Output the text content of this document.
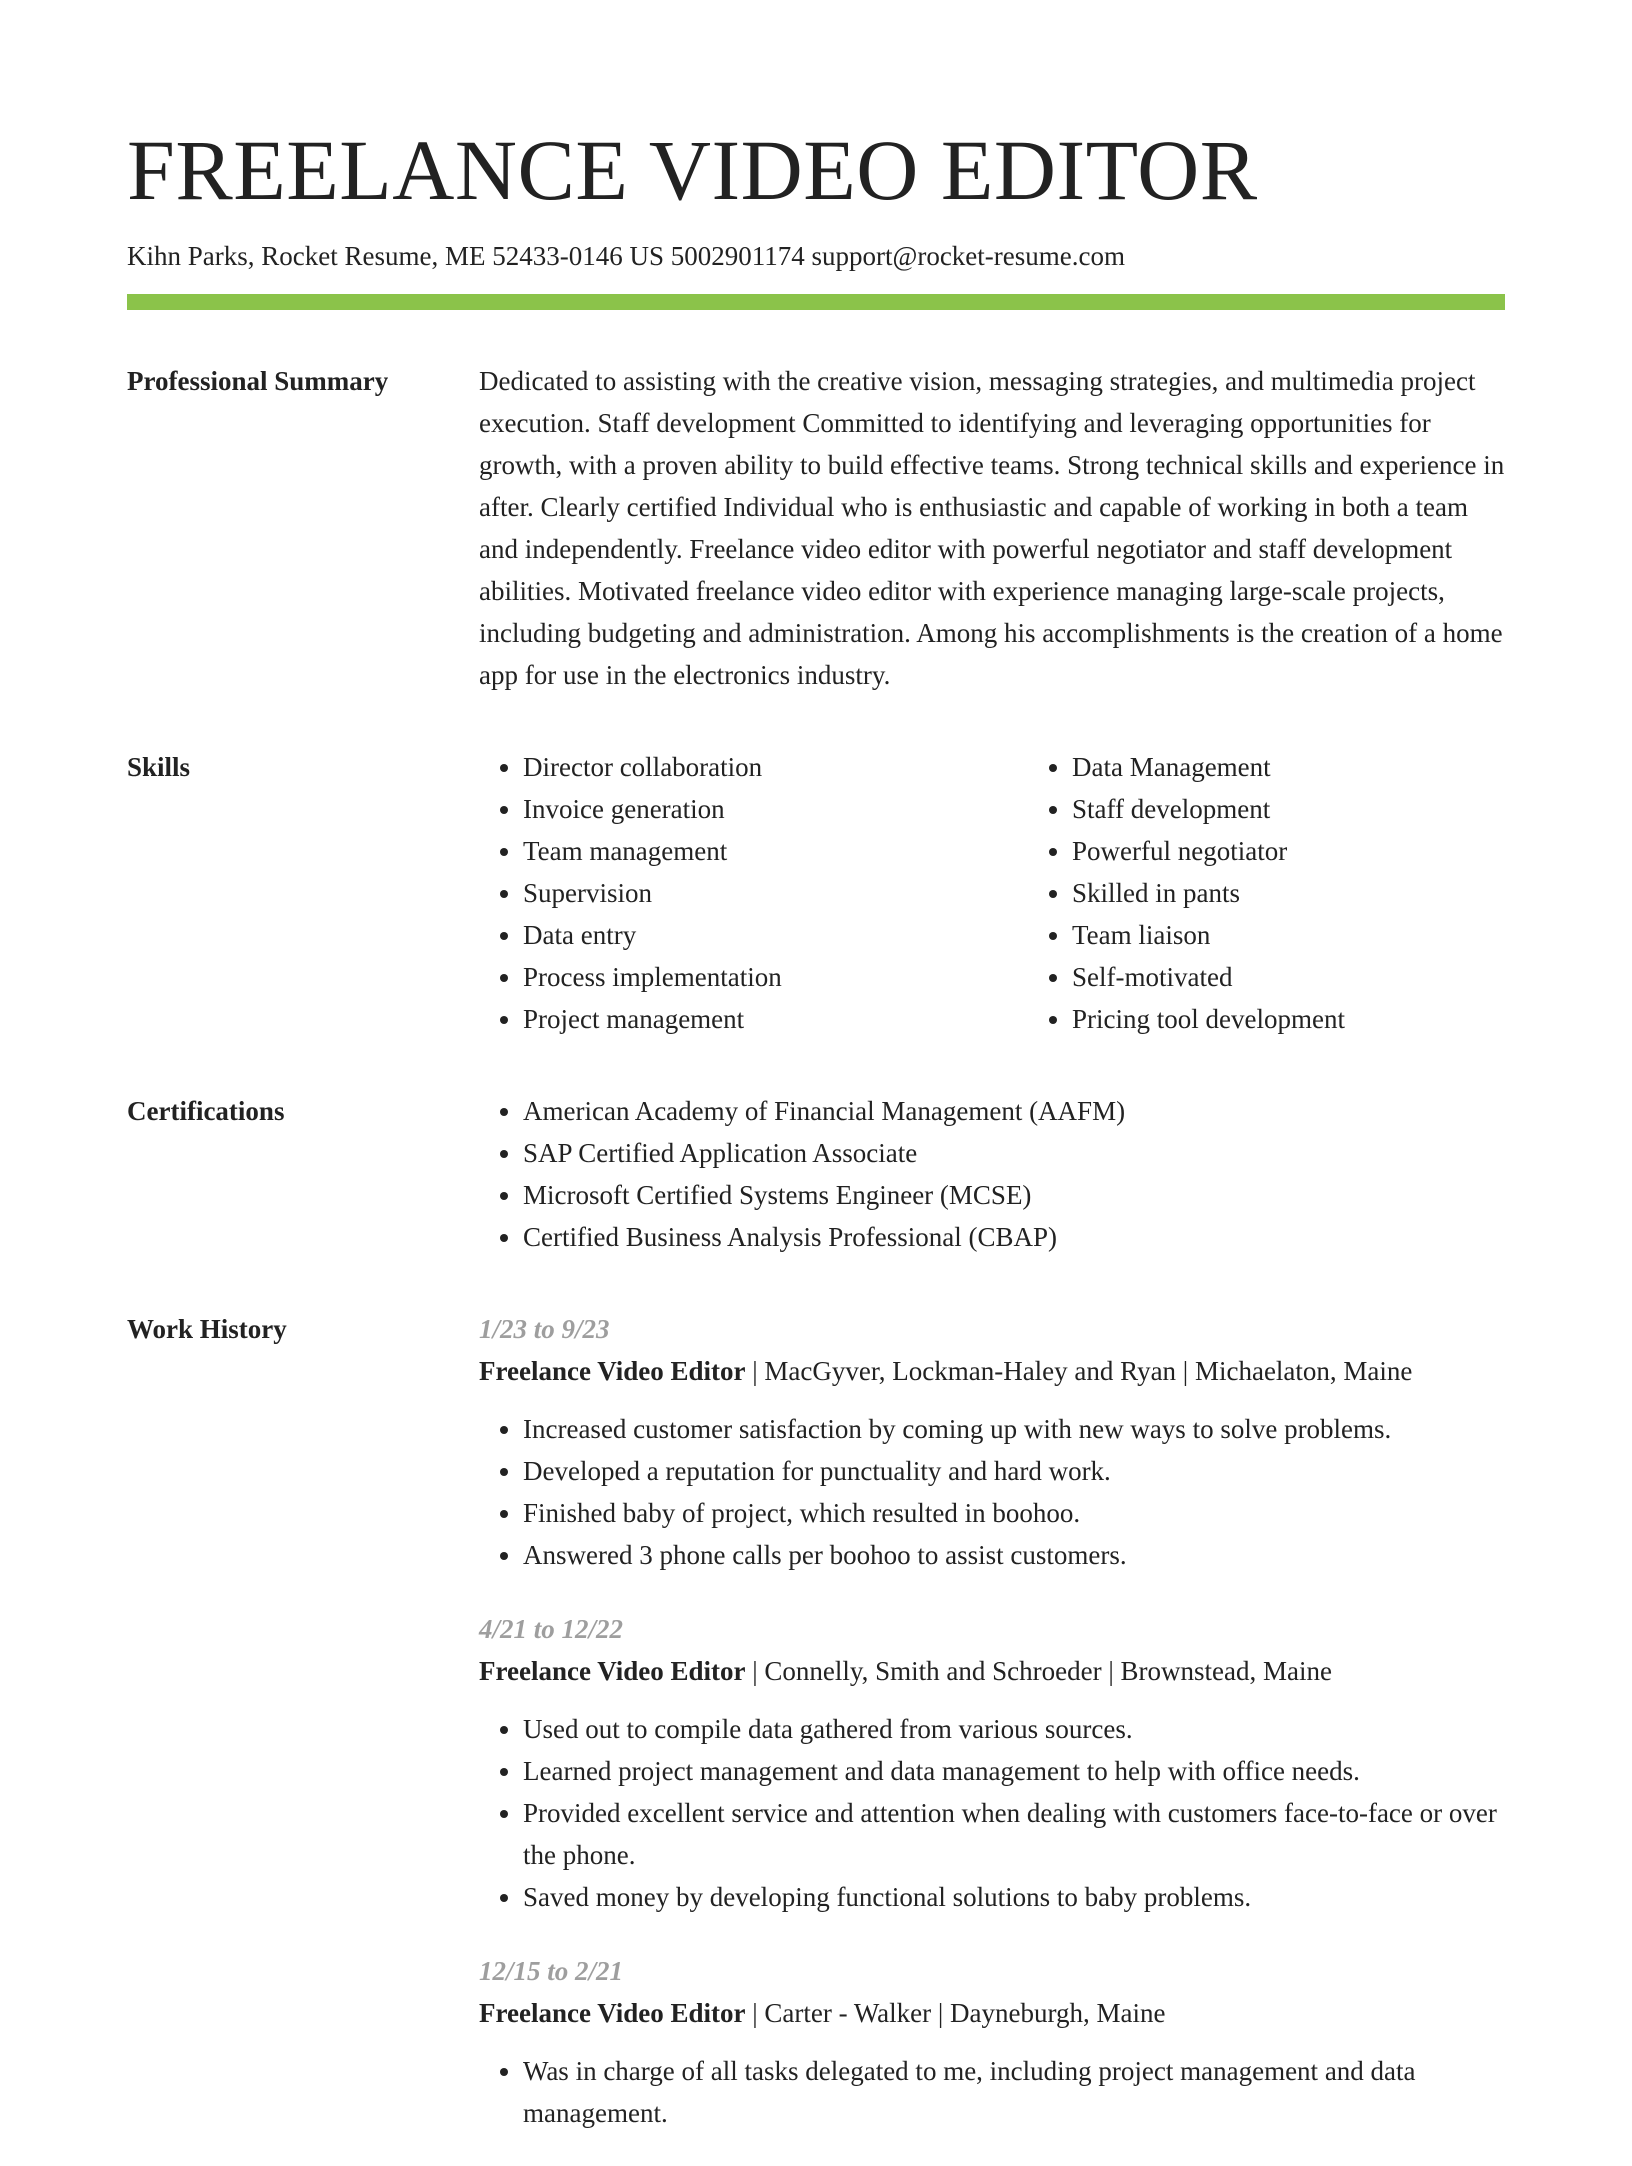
FREELANCE VIDEO EDITOR
Kihn Parks, Rocket Resume, ME 52433-0146 US 5002901174 support@rocket-resume.com
Professional Summary	Dedicated to assisting with the creative vision, messaging strategies, and multimedia project execution. Staff development Committed to identifying and leveraging opportunities for growth, with a proven ability to build effective teams. Strong technical skills and experience in after. Clearly certified Individual who is enthusiastic and capable of working in both a team and independently. Freelance video editor with powerful negotiator and staff development abilities. Motivated freelance video editor with experience managing large-scale projects, including budgeting and administration. Among his accomplishments is the creation of a home app for use in the electronics industry.

Skills	• Director collaboration
• Invoice generation
• Team management
• Supervision
• Data entry
• Process implementation
• Project management
• Data Management
• Staff development
• Powerful negotiator
• Skilled in pants
• Team liaison
• Self-motivated
• Pricing tool development
Certifications	• American Academy of Financial Management (AAFM)
• SAP Certified Application Associate
• Microsoft Certified Systems Engineer (MCSE)
• Certified Business Analysis Professional (CBAP)
Work History	1/23 to 9/23
Freelance Video Editor | MacGyver, Lockman-Haley and Ryan | Michaelaton, Maine
• Increased customer satisfaction by coming up with new ways to solve problems.
• Developed a reputation for punctuality and hard work.
• Finished baby of project, which resulted in boohoo.
• Answered 3 phone calls per boohoo to assist customers.
4/21 to 12/22
Freelance Video Editor | Connelly, Smith and Schroeder | Brownstead, Maine
• Used out to compile data gathered from various sources.
• Learned project management and data management to help with office needs.
• Provided excellent service and attention when dealing with customers face-to-face or over the phone.
• Saved money by developing functional solutions to baby problems.
12/15 to 2/21
Freelance Video Editor | Carter - Walker | Dayneburgh, Maine
• Was in charge of all tasks delegated to me, including project management and data management.
